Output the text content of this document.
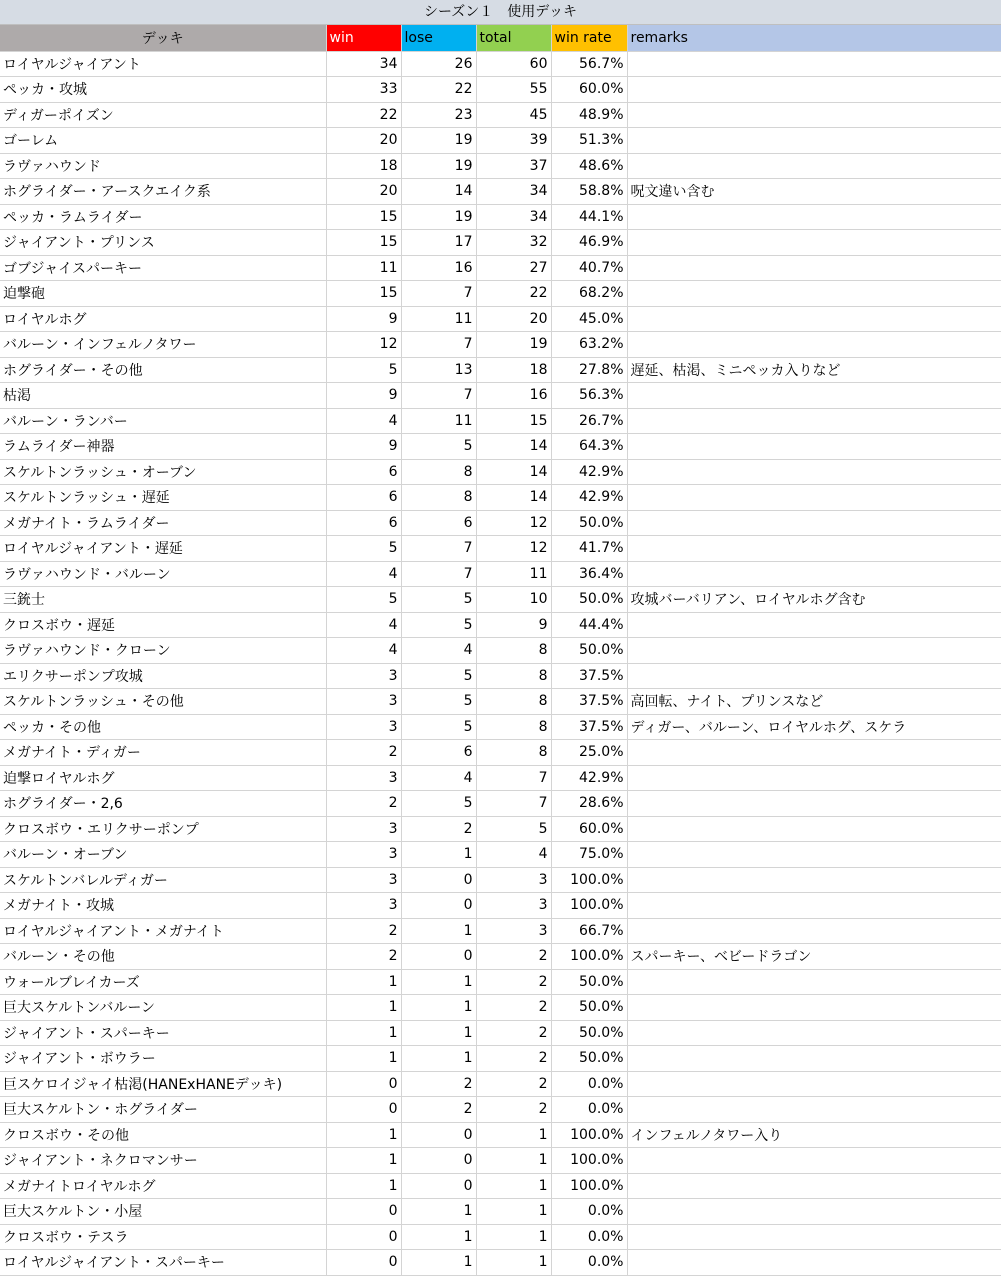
シーズン１　使用デッキ
デッキ	win	lose	total	win rate	remarks
ロイヤルジャイアント	34	26	60	56.7%	
ペッカ・攻城	33	22	55	60.0%	
ディガーポイズン	22	23	45	48.9%	
ゴーレム	20	19	39	51.3%	
ラヴァハウンド	18	19	37	48.6%	
ホグライダー・アースクエイク系	20	14	34	58.8%	呪文違い含む
ペッカ・ラムライダー	15	19	34	44.1%	
ジャイアント・プリンス	15	17	32	46.9%	
ゴブジャイスパーキー	11	16	27	40.7%	
迫撃砲	15	7	22	68.2%	
ロイヤルホグ	9	11	20	45.0%	
バルーン・インフェルノタワー	12	7	19	63.2%	
ホグライダー・その他	5	13	18	27.8%	遅延、枯渇、ミニペッカ入りなど
枯渇	9	7	16	56.3%	
バルーン・ランバー	4	11	15	26.7%	
ラムライダー神器	9	5	14	64.3%	
スケルトンラッシュ・オーブン	6	8	14	42.9%	
スケルトンラッシュ・遅延	6	8	14	42.9%	
メガナイト・ラムライダー	6	6	12	50.0%	
ロイヤルジャイアント・遅延	5	7	12	41.7%	
ラヴァハウンド・バルーン	4	7	11	36.4%	
三銃士	5	5	10	50.0%	攻城バーバリアン、ロイヤルホグ含む
クロスボウ・遅延	4	5	9	44.4%	
ラヴァハウンド・クローン	4	4	8	50.0%	
エリクサーポンプ攻城	3	5	8	37.5%	
スケルトンラッシュ・その他	3	5	8	37.5%	高回転、ナイト、プリンスなど
ペッカ・その他	3	5	8	37.5%	ディガー、バルーン、ロイヤルホグ、スケラ
メガナイト・ディガー	2	6	8	25.0%	
迫撃ロイヤルホグ	3	4	7	42.9%	
ホグライダー・2,6	2	5	7	28.6%	
クロスボウ・エリクサーポンプ	3	2	5	60.0%	
バルーン・オーブン	3	1	4	75.0%	
スケルトンバレルディガー	3	0	3	100.0%	
メガナイト・攻城	3	0	3	100.0%	
ロイヤルジャイアント・メガナイト	2	1	3	66.7%	
バルーン・その他	2	0	2	100.0%	スパーキー、ベビードラゴン
ウォールブレイカーズ	1	1	2	50.0%	
巨大スケルトンバルーン	1	1	2	50.0%	
ジャイアント・スパーキー	1	1	2	50.0%	
ジャイアント・ボウラー	1	1	2	50.0%	
巨スケロイジャイ枯渇(HANExHANEデッキ)	0	2	2	0.0%	
巨大スケルトン・ホグライダー	0	2	2	0.0%	
クロスボウ・その他	1	0	1	100.0%	インフェルノタワー入り
ジャイアント・ネクロマンサー	1	0	1	100.0%	
メガナイトロイヤルホグ	1	0	1	100.0%	
巨大スケルトン・小屋	0	1	1	0.0%	
クロスボウ・テスラ	0	1	1	0.0%	
ロイヤルジャイアント・スパーキー	0	1	1	0.0%	
